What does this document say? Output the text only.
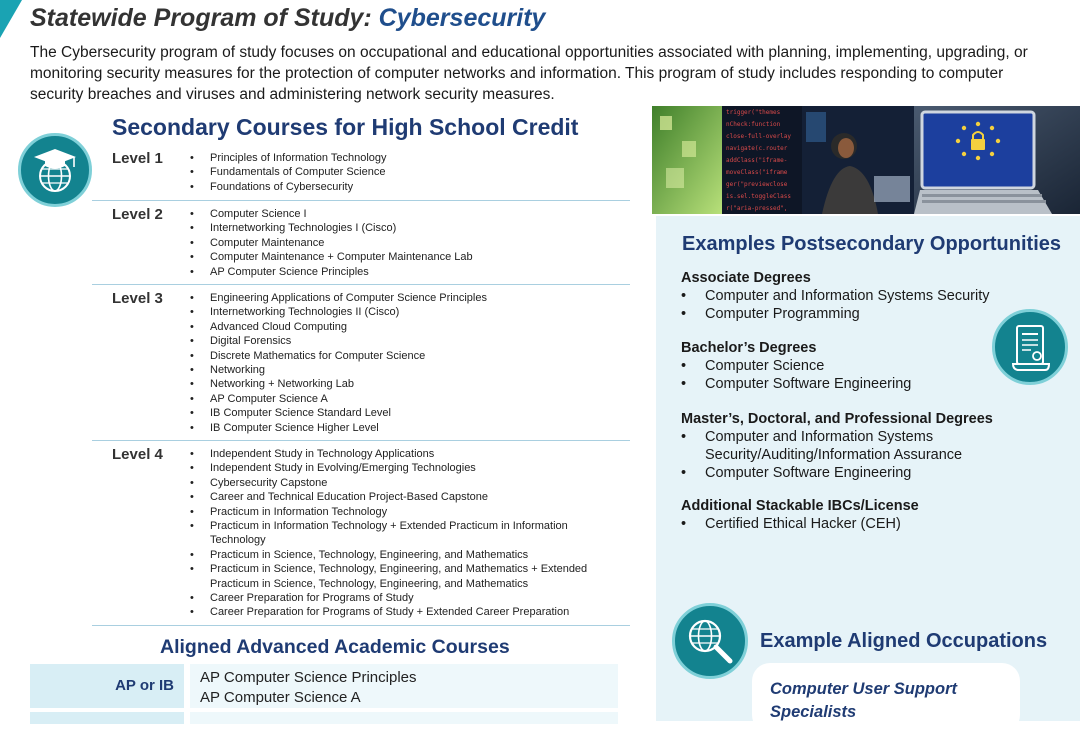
Statewide Program of Study: Cybersecurity
The Cybersecurity program of study focuses on occupational and educational opportunities associated with planning, implementing, upgrading, or monitoring security measures for the protection of computer networks and information. This program of study includes responding to computer security breaches and viruses and administering network security measures.
Secondary Courses for High School Credit
Level 1	• Principles of Information Technology
• Fundamentals of Computer Science
• Foundations of Cybersecurity
Level 2	• Computer Science I
• Internetworking Technologies I (Cisco)
• Computer Maintenance
• Computer Maintenance + Computer Maintenance Lab
• AP Computer Science Principles
Level 3	• Engineering Applications of Computer Science Principles
• Internetworking Technologies II (Cisco)
• Advanced Cloud Computing
• Digital Forensics
• Discrete Mathematics for Computer Science
• Networking
• Networking + Networking Lab
• AP Computer Science A
• IB Computer Science Standard Level
• IB Computer Science Higher Level
Level 4	• Independent Study in Technology Applications
• Independent Study in Evolving/Emerging Technologies
• Cybersecurity Capstone
• Career and Technical Education Project-Based Capstone
• Practicum in Information Technology
• Practicum in Information Technology + Extended Practicum in Information Technology
• Practicum in Science, Technology, Engineering, and Mathematics
• Practicum in Science, Technology, Engineering, and Mathematics + Extended Practicum in Science, Technology, Engineering, and Mathematics
• Career Preparation for Programs of Study
• Career Preparation for Programs of Study + Extended Career Preparation
Aligned Advanced Academic Courses
AP or IB	AP Computer Science Principles
AP Computer Science A
trigger("themes
nCheck:function
close-full-overlay
navigate(c.router
addClass("iframe-
moveClass("iframe
ger("previewclose
is.sel.toggleClass
r("aria-pressed",
Examples Postsecondary Opportunities
Associate Degrees
• Computer and Information Systems Security
• Computer Programming
Bachelor’s Degrees
• Computer Science
• Computer Software Engineering
Master’s, Doctoral, and Professional Degrees
• Computer and Information Systems Security/Auditing/Information Assurance
• Computer Software Engineering
Additional Stackable IBCs/License
• Certified Ethical Hacker (CEH)
Example Aligned Occupations
Computer User Support Specialists
